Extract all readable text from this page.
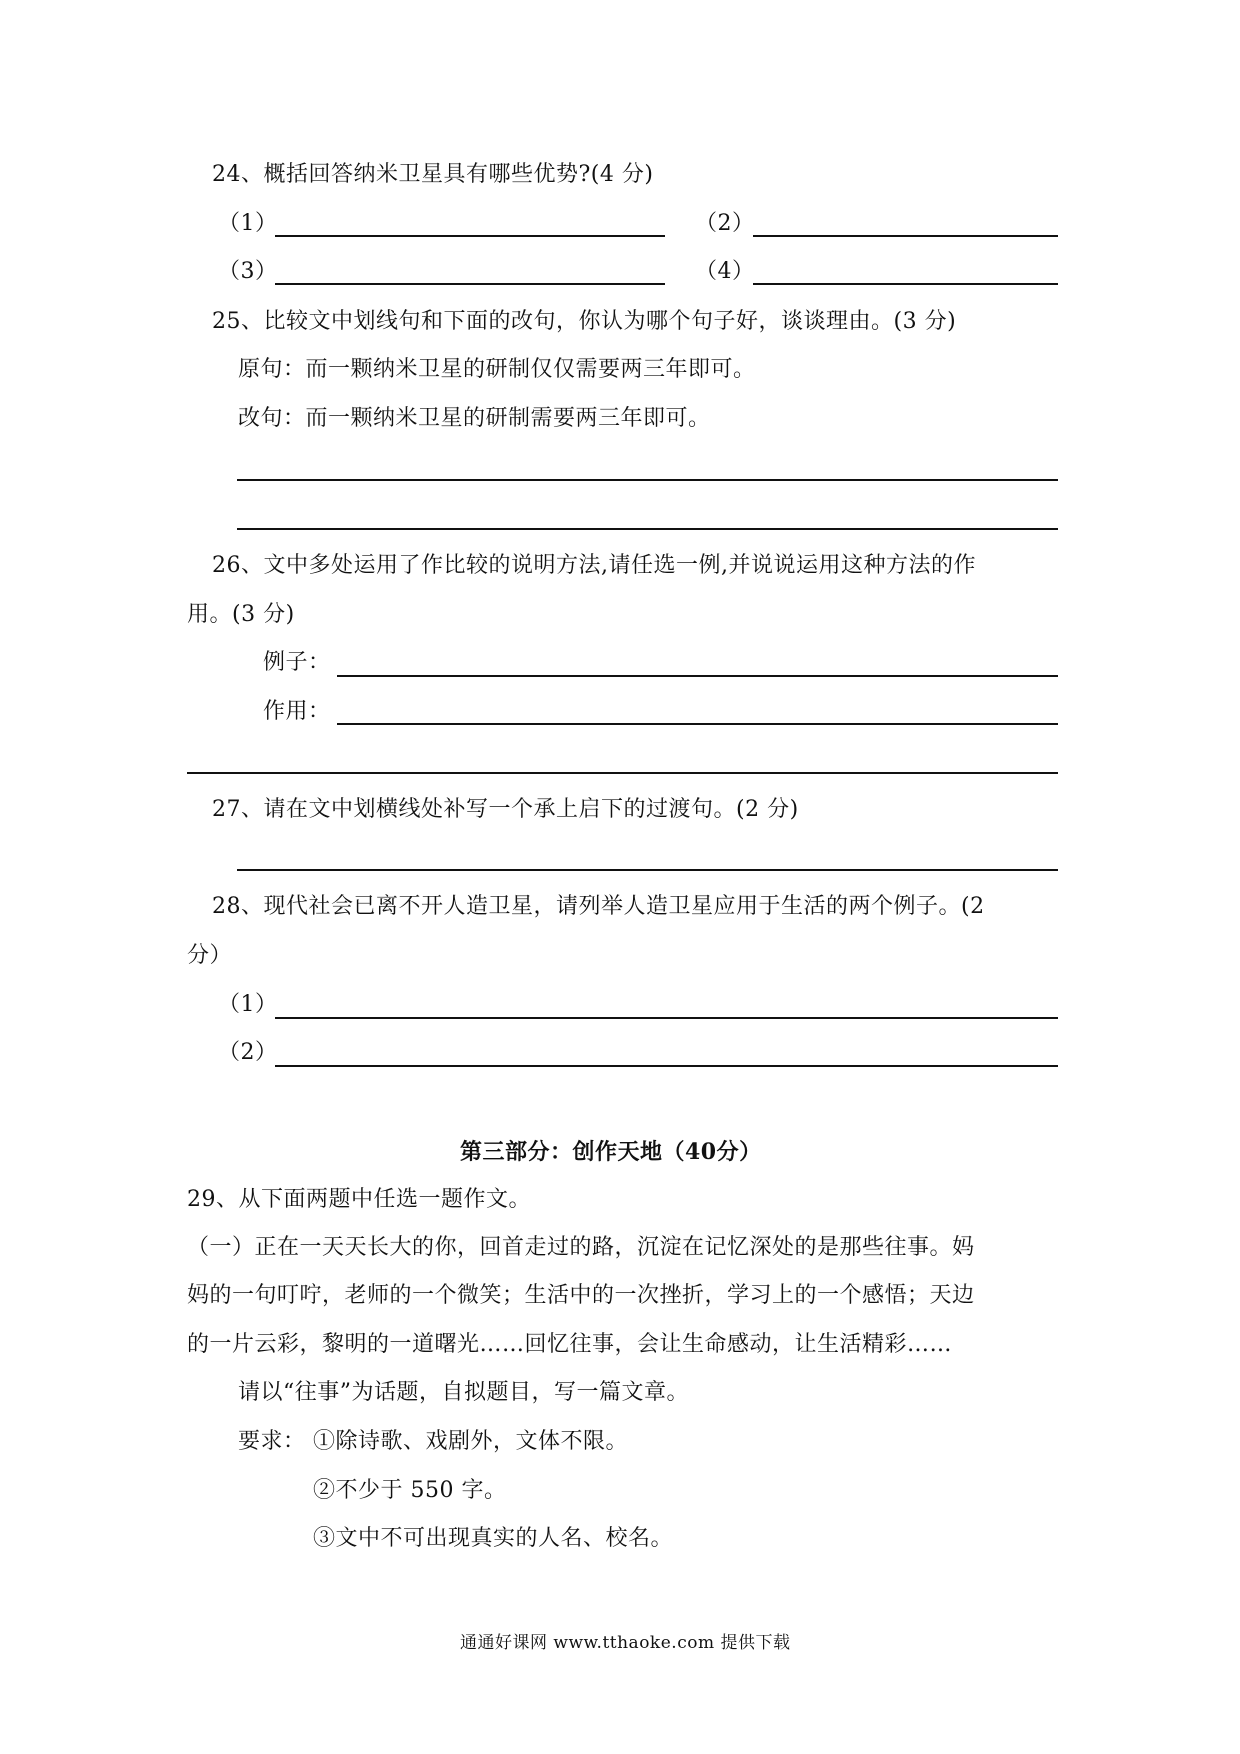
24、概括回答纳米卫星具有哪些优势?(4 分)
（1）	（2）
（3）	（4）
25、比较文中划线句和下面的改句，你认为哪个句子好，谈谈理由。(3 分)
原句：而一颗纳米卫星的研制仅仅需要两三年即可。
改句：而一颗纳米卫星的研制需要两三年即可。
26、文中多处运用了作比较的说明方法,请任选一例,并说说运用这种方法的作
用。(3 分)
例子：
作用：
27、请在文中划横线处补写一个承上启下的过渡句。(2 分)
28、现代社会已离不开人造卫星，请列举人造卫星应用于生活的两个例子。(2
分）
（1）
（2）
第三部分：创作天地（40分）
29、从下面两题中任选一题作文。
（一）正在一天天长大的你，回首走过的路，沉淀在记忆深处的是那些往事。妈
妈的一句叮咛，老师的一个微笑；生活中的一次挫折，学习上的一个感悟；天边
的一片云彩，黎明的一道曙光……回忆往事，会让生命感动，让生活精彩……
请以“往事”为话题，自拟题目，写一篇文章。
要求： ①除诗歌、戏剧外，文体不限。
②不少于 550 字。
③文中不可出现真实的人名、校名。
通通好课网 www.tthaoke.com 提供下载
